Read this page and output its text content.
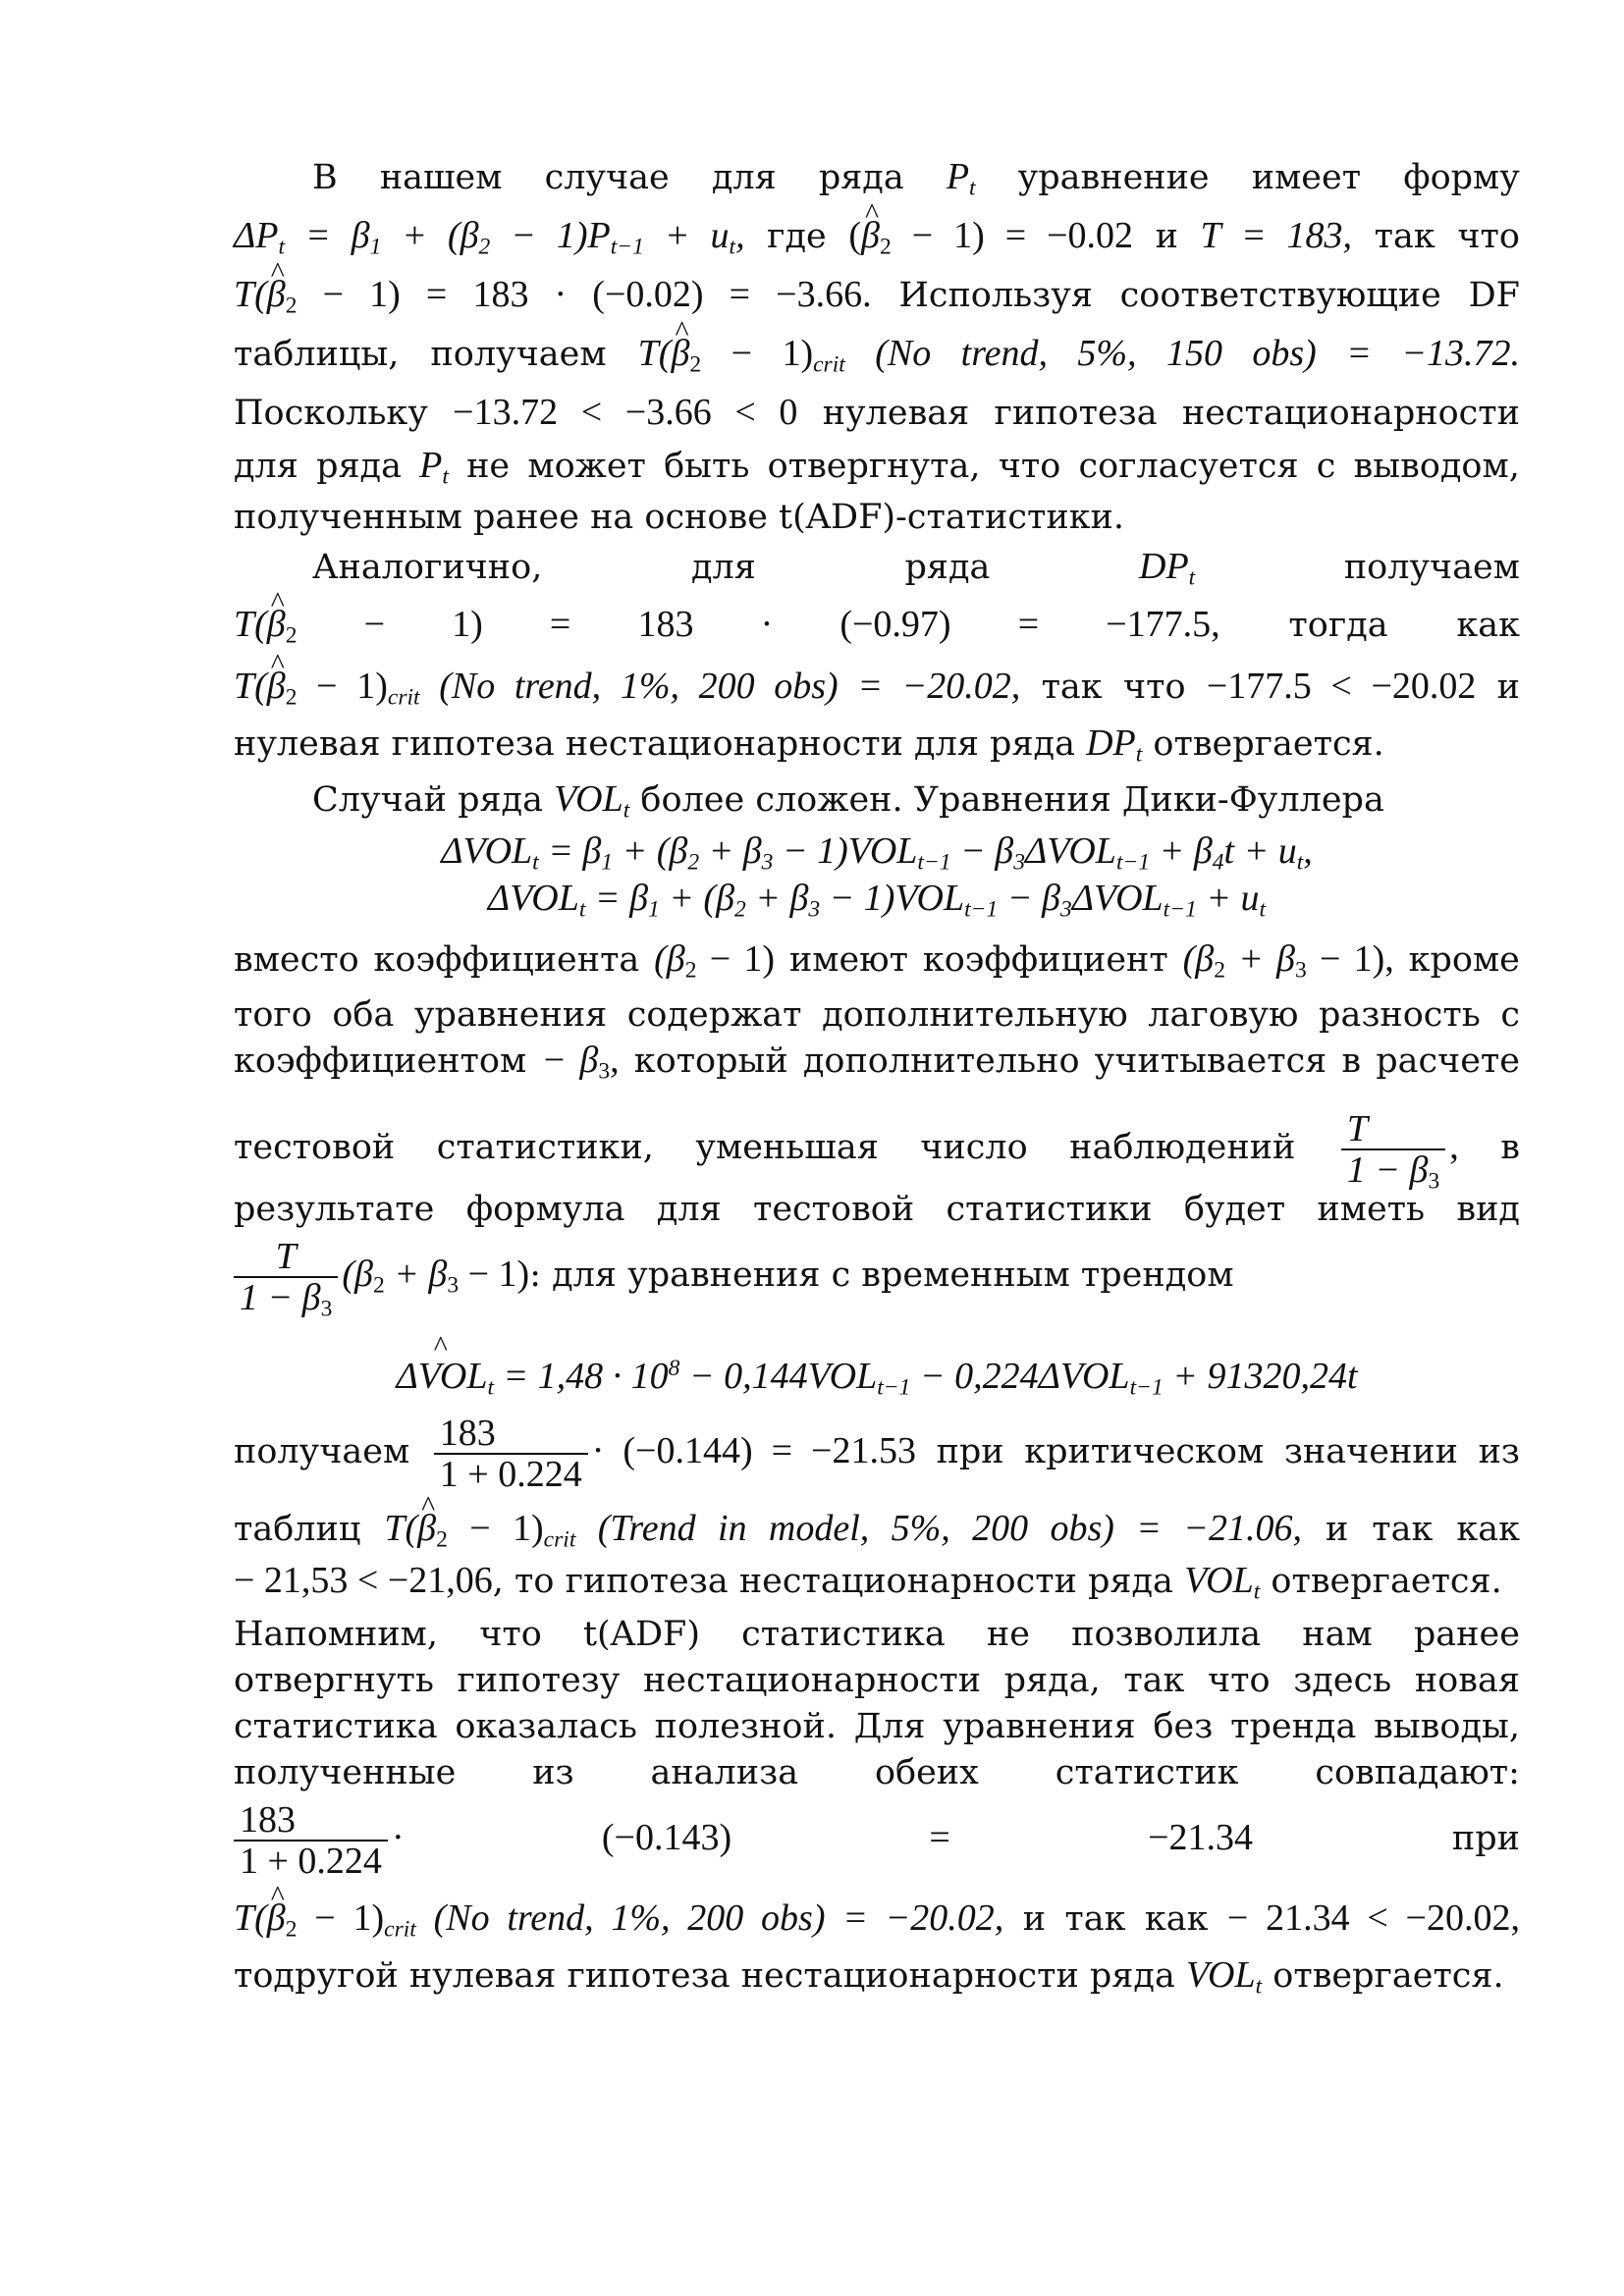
В нашем случае для ряда $P_t$ уравнение имеет форму
$\Delta P_t = \beta_1 + (\beta_2 - 1)P_{t-1} + u_t$, где (^ $\beta_2 - 1) = -0.02$ и T = 183, так что
T(^ $\beta_2 - 1) = 183 \cdot (-0.02) = -3.66$. Используя соответствующие DF
таблицы, получаем T(^ $\beta_2 - 1)_{crit}$ (No trend, 5%, 150 obs) = −13.72.
Поскольку −13.72 < −3.66 < 0 нулевая гипотеза нестационарности
для ряда $P_t$ не может быть отвергнута, что согласуется с выводом,
полученным ранее на основе t(ADF)-статистики.
Аналогично,	для	ряда	$DP_t$	получаем
T(^ $\beta_2 - 1) = 183 \cdot (-0.97) = -177.5$, тогда как
T(^ $\beta_2 - 1)_{crit}$ (No trend, 1%, 200 obs) = −20.02, так что −177.5 < −20.02 и
нулевая гипотеза нестационарности для ряда $DP_t$ отвергается.
Случай ряда $VOL_t$ более сложен. Уравнения Дики-Фуллера
$\Delta VOL_t = \beta_1 + (\beta_2 + \beta_3 - 1)VOL_{t-1} - \beta_3\Delta VOL_{t-1} + \beta_4t + u_t$,
$\Delta VOL_t = \beta_1 + (\beta_2 + \beta_3 - 1)VOL_{t-1} - \beta_3\Delta VOL_{t-1} + u_t$
вместо коэффициента $(\beta_2 - 1)$ имеют коэффициент $(\beta_2 + \beta_3 - 1)$, кроме
того оба уравнения содержат дополнительную лаговую разность с
коэффициентом − $\beta_3$, который дополнительно учитывается в расчете
тестовой статистики, уменьшая число наблюдений $\frac{T}{1 - \beta_3}$ , в
результате формула для тестовой статистики будет иметь вид
$\frac{T}{1 - \beta_3} (\beta_2 + \beta_3 - 1)$: для уравнения с временным трендом
Δ^ $VOL_t = 1,48 \cdot 10^8 - 0,144VOL_{t-1} - 0,224\Delta VOL_{t-1} + 91320,24t$
получаем $\frac{183}{1 + 0.224} \cdot (-0.144) = -21.53$ при критическом значении из
таблиц T(^ $\beta_2 - 1)_{crit}$ (Trend in model, 5%, 200 obs) = −21.06, и так как
− 21,53 < −21,06, то гипотеза нестационарности ряда $VOL_t$ отвергается.
Напомним, что t(ADF) статистика не позволила нам ранее
отвергнуть гипотезу нестационарности ряда, так что здесь новая
статистика оказалась полезной. Для уравнения без тренда выводы,
полученные из анализа обеих статистик совпадают:
$\frac{183}{1 + 0.224} \cdot (-0.143) = -21.34$	при
T(^ $\beta_2 - 1)_{crit}$ (No trend, 1%, 200 obs) = −20.02, и так как − 21.34 < −20.02,
тодругой нулевая гипотеза нестационарности ряда $VOL_t$ отвергается.
